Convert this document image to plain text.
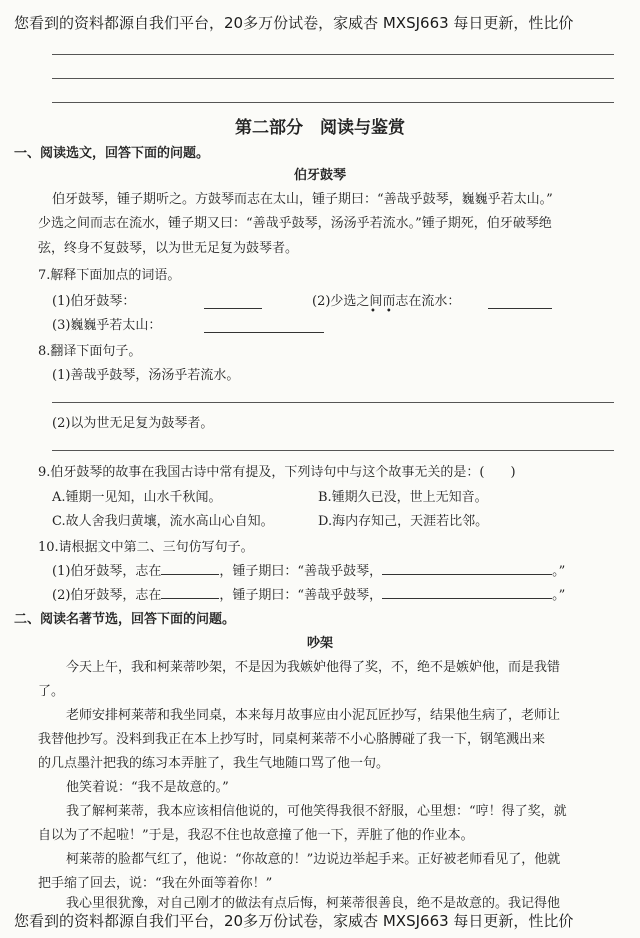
您看到的资料都源自我们平台，20多万份试卷，家威杏 MXSJ663 每日更新，性比价
第二部分　阅读与鉴赏
一、阅读选文，回答下面的问题。
伯牙鼓琴
伯牙鼓琴，锺子期听之。方鼓琴而志在太山，锺子期曰：“善哉乎鼓琴，巍巍乎若太山。”
少选之间而志在流水，锺子期又曰：“善哉乎鼓琴，汤汤乎若流水。”锺子期死，伯牙破琴绝
弦，终身不复鼓琴，以为世无足复为鼓琴者。
7.解释下面加点的词语。
(1)伯牙鼓琴：	(2)少选之间而志在流水：
•　•
(3)巍巍乎若太山：
8.翻译下面句子。
(1)善哉乎鼓琴，汤汤乎若流水。
(2)以为世无足复为鼓琴者。
9.伯牙鼓琴的故事在我国古诗中常有提及，下列诗句中与这个故事无关的是：(　　)
A.锺期一见知，山水千秋闻。	B.锺期久已没，世上无知音。
C.故人舍我归黄壤，流水高山心自知。	D.海内存知己，天涯若比邻。
10.请根据文中第二、三句仿写句子。
(1)伯牙鼓琴，志在	，锺子期曰：“善哉乎鼓琴，	。”
(2)伯牙鼓琴，志在	，锺子期曰：“善哉乎鼓琴，	。”
二、阅读名著节选，回答下面的问题。
吵架
今天上午，我和柯莱蒂吵架，不是因为我嫉妒他得了奖，不，绝不是嫉妒他，而是我错
了。
老师安排柯莱蒂和我坐同桌，本来每月故事应由小泥瓦匠抄写，结果他生病了，老师让
我替他抄写。没料到我正在本上抄写时，同桌柯莱蒂不小心胳膊碰了我一下，钢笔溅出来
的几点墨汁把我的练习本弄脏了，我生气地随口骂了他一句。
他笑着说：“我不是故意的。”
我了解柯莱蒂，我本应该相信他说的，可他笑得我很不舒服，心里想：“哼！得了奖，就
自以为了不起啦！”于是，我忍不住也故意撞了他一下，弄脏了他的作业本。
柯莱蒂的脸都气红了，他说：“你故意的！”边说边举起手来。正好被老师看见了，他就
把手缩了回去，说：“我在外面等着你！”
我心里很犹豫，对自己刚才的做法有点后悔，柯莱蒂很善良，绝不是故意的。我记得他
您看到的资料都源自我们平台，20多万份试卷，家威杏 MXSJ663 每日更新，性比价
